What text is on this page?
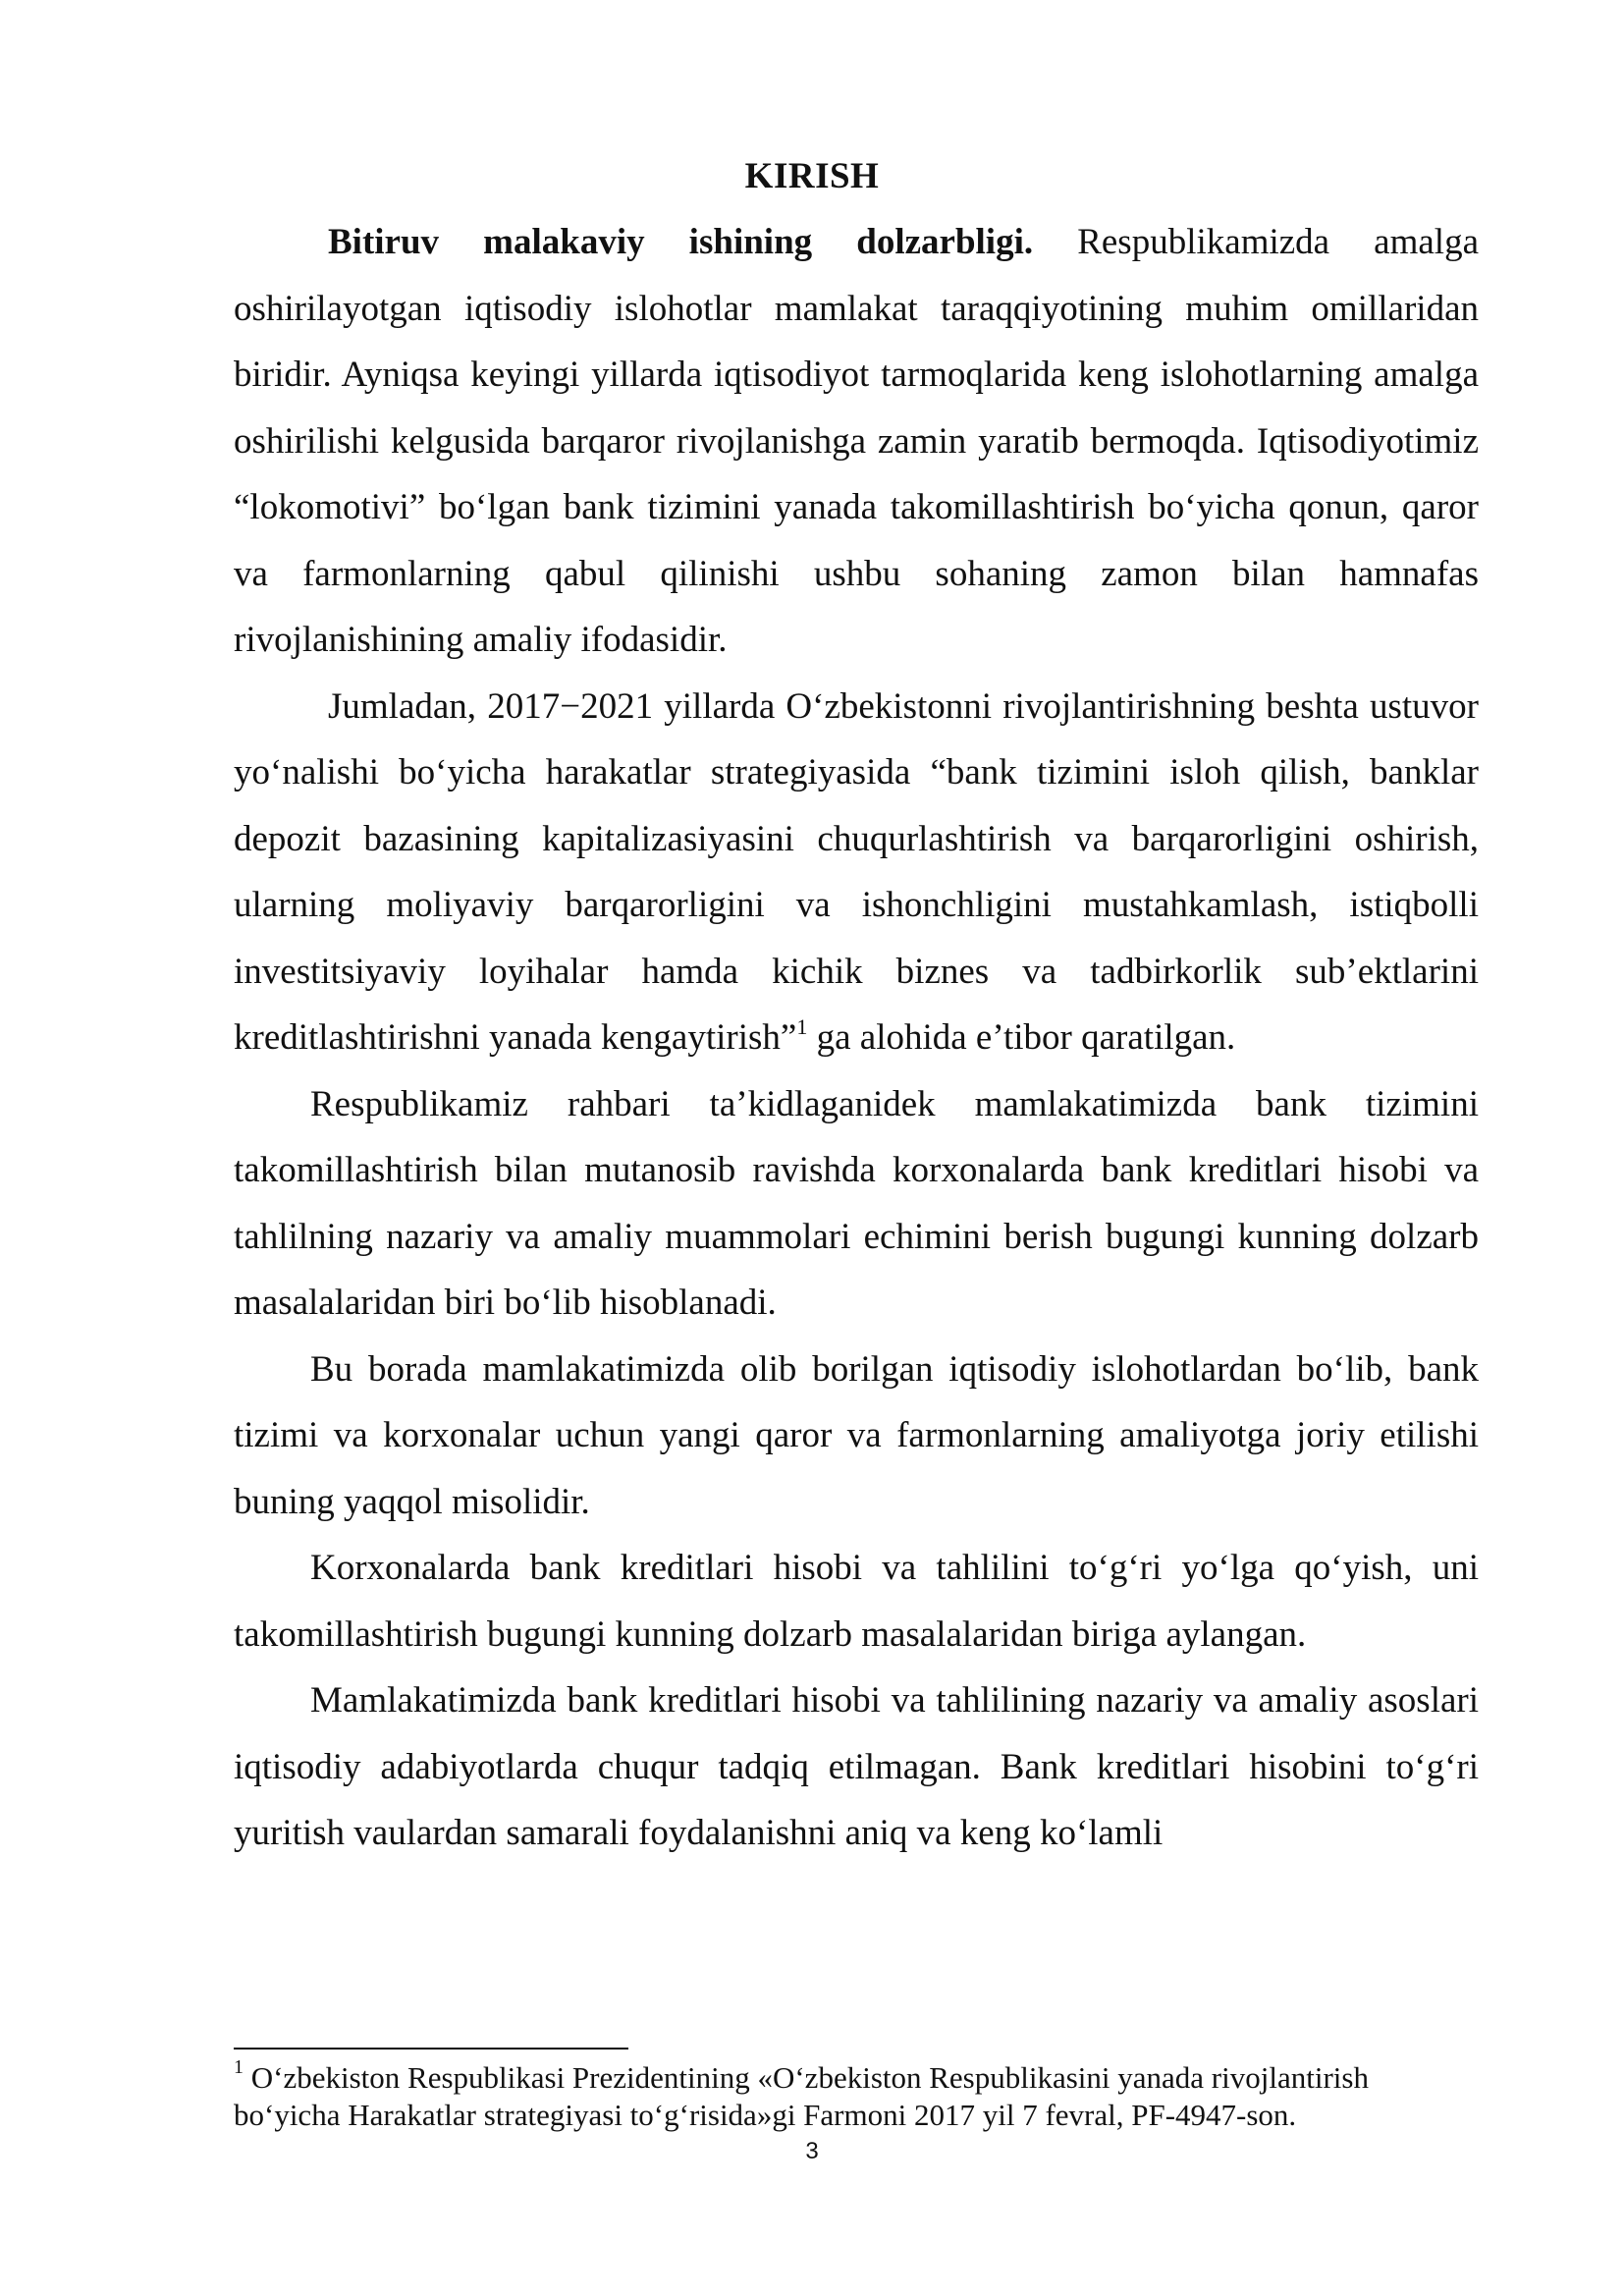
KIRISH

Bitiruv malakaviy ishining dolzarbligi. Respublikamizda amalga oshirilayotgan iqtisodiy islohotlar mamlakat taraqqiyotining muhim omillaridan biridir. Ayniqsa keyingi yillarda iqtisodiyot tarmoqlarida keng islohotlarning amalga oshirilishi kelgusida barqaror rivojlanishga zamin yaratib bermoqda. Iqtisodiyotimiz “lokomotivi” bo‘lgan bank tizimini yanada takomillashtirish bo‘yicha qonun, qaror va farmonlarning qabul qilinishi ushbu sohaning zamon bilan hamnafas rivojlanishining amaliy ifodasidir.

Jumladan, 2017−2021 yillarda O‘zbekistonni rivojlantirishning beshta ustuvor yo‘nalishi bo‘yicha harakatlar strategiyasida “bank tizimini isloh qilish, banklar depozit bazasining kapitalizasiyasini chuqurlashtirish va barqarorligini oshirish, ularning moliyaviy barqarorligini va ishonchligini mustahkamlash, istiqbolli investitsiyaviy loyihalar hamda kichik biznes va tadbirkorlik sub’ektlarini kreditlashtirishni yanada kengaytirish”$^1$ ga alohida e’tibor qaratilgan.

Respublikamiz rahbari ta’kidlaganidek mamlakatimizda bank tizimini takomillashtirish bilan mutanosib ravishda korxonalarda bank kreditlari hisobi va tahlilning nazariy va amaliy muammolari echimini berish bugungi kunning dolzarb masalalaridan biri bo‘lib hisoblanadi.

Bu borada mamlakatimizda olib borilgan iqtisodiy islohotlardan bo‘lib, bank tizimi va korxonalar uchun yangi qaror va farmonlarning amaliyotga joriy etilishi buning yaqqol misolidir.

Korxonalarda bank kreditlari hisobi va tahlilini to‘g‘ri yo‘lga qo‘yish, uni takomillashtirish bugungi kunning dolzarb masalalaridan biriga aylangan.

Mamlakatimizda bank kreditlari hisobi va tahlilining nazariy va amaliy asoslari iqtisodiy adabiyotlarda chuqur tadqiq etilmagan. Bank kreditlari hisobini to‘g‘ri yuritish vaulardan samarali foydalanishni aniq va keng ko‘lamli

$^1$ O‘zbekiston Respublikasi Prezidentining «O‘zbekiston Respublikasini yanada rivojlantirish bo‘yicha Harakatlar strategiyasi to‘g‘risida»gi Farmoni 2017 yil 7 fevral, PF-4947-son.
3
